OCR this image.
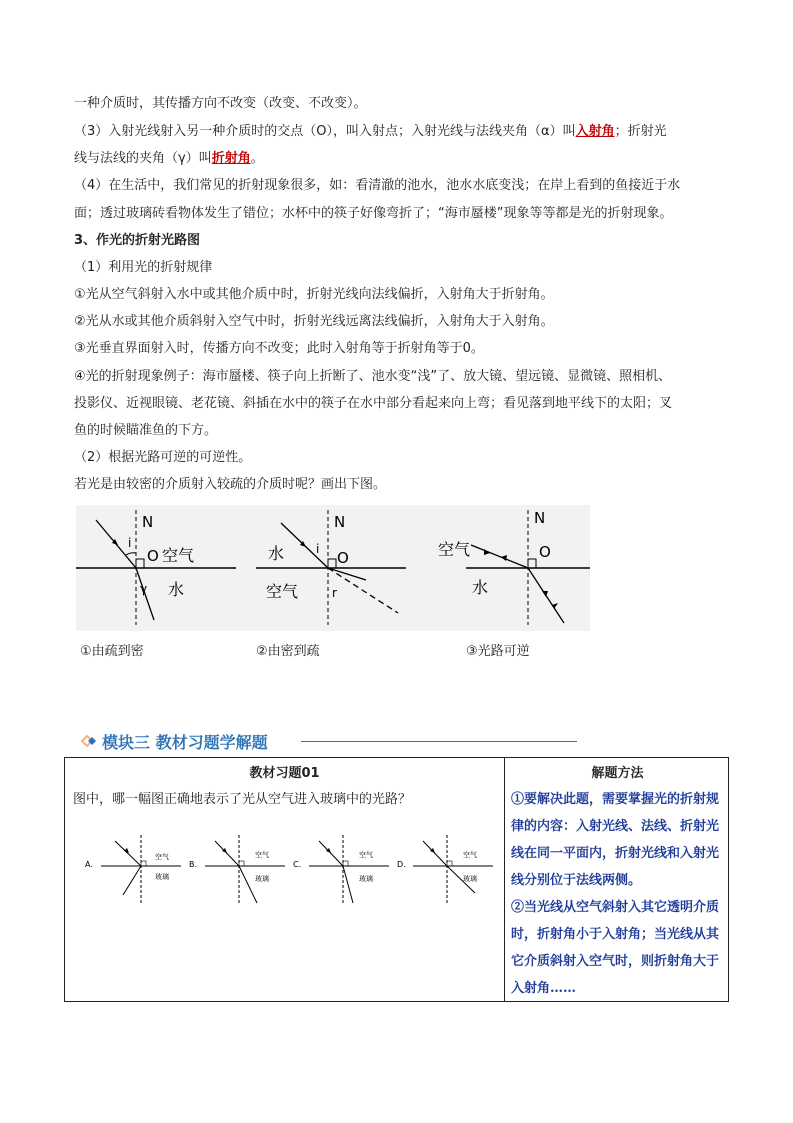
一种介质时，其传播方向不改变（改变、不改变）。
（3）入射光线射入另一种介质时的交点（O），叫入射点；入射光线与法线夹角（α）叫入射角；折射光
线与法线的夹角（γ）叫折射角。
（4）在生活中，我们常见的折射现象很多，如：看清澈的池水，池水水底变浅；在岸上看到的鱼接近于水
面；透过玻璃砖看物体发生了错位；水杯中的筷子好像弯折了；“海市蜃楼”现象等等都是光的折射现象。
3、作光的折射光路图
（1）利用光的折射规律
①光从空气斜射入水中或其他介质中时，折射光线向法线偏折，入射角大于折射角。
②光从水或其他介质斜射入空气中时，折射光线远离法线偏折，入射角大于入射角。
③光垂直界面射入时，传播方向不改变；此时入射角等于折射角等于0。
④光的折射现象例子：海市蜃楼、筷子向上折断了、池水变“浅”了、放大镜、望远镜、显微镜、照相机、
投影仪、近视眼镜、老花镜、斜插在水中的筷子在水中部分看起来向上弯；看见落到地平线下的太阳；叉
鱼的时候瞄准鱼的下方。
（2）根据光路可逆的可逆性。
若光是由较密的介质射入较疏的介质时呢？画出下图。
N
i
O 空气
水
γ
N
i O
水
空气	r
N
O
空气
水
①由疏到密	②由密到疏	③光路可逆
模块三 教材习题学解题
教材习题01	解题方法
图中，哪一幅图正确地表示了光从空气进入玻璃中的光路？
A.
空气
玻璃
B.
空气
玻璃
C.
空气
玻璃
D.
空气
玻璃

①要解决此题，需要掌握光的折射规律的内容：入射光线、法线、折射光线在同一平面内，折射光线和入射光线分别位于法线两侧。

②当光线从空气斜射入其它透明介质时，折射角小于入射角；当光线从其它介质斜射入空气时，则折射角大于入射角……
